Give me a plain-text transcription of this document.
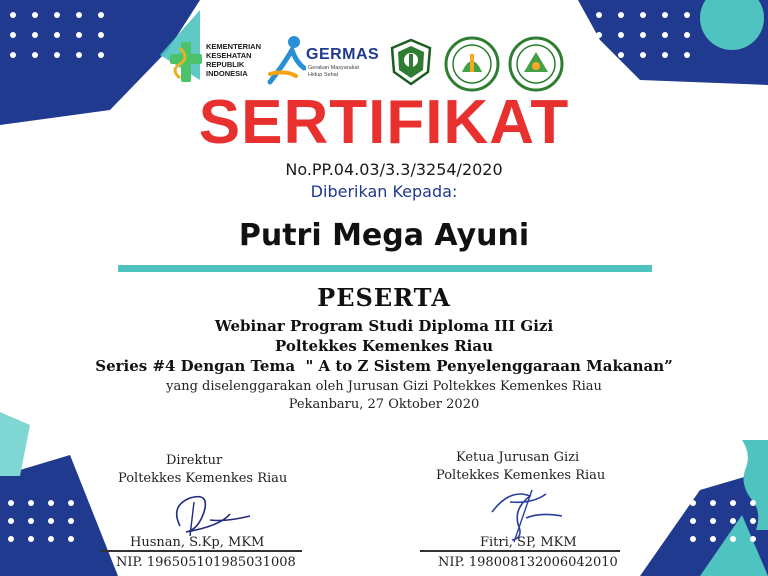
KEMENTERIAN
KESEHATAN
REPUBLIK
INDONESIA
GERMAS
Gerakan Masyarakat
Hidup Sehat
SERTIFIKAT
No.PP.04.03/3.3/3254/2020
Diberikan Kepada:
Putri Mega Ayuni
PESERTA
Webinar Program Studi Diploma III Gizi
Poltekkes Kemenkes Riau
Series #4 Dengan Tema  " A to Z Sistem Penyelenggaraan Makanan”
yang diselenggarakan oleh Jurusan Gizi Poltekkes Kemenkes Riau
Pekanbaru, 27 Oktober 2020
Direktur
Poltekkes Kemenkes Riau
Husnan, S.Kp, MKM
NIP. 196505101985031008
Ketua Jurusan Gizi
Poltekkes Kemenkes Riau
Fitri, SP, MKM
NIP. 198008132006042010
